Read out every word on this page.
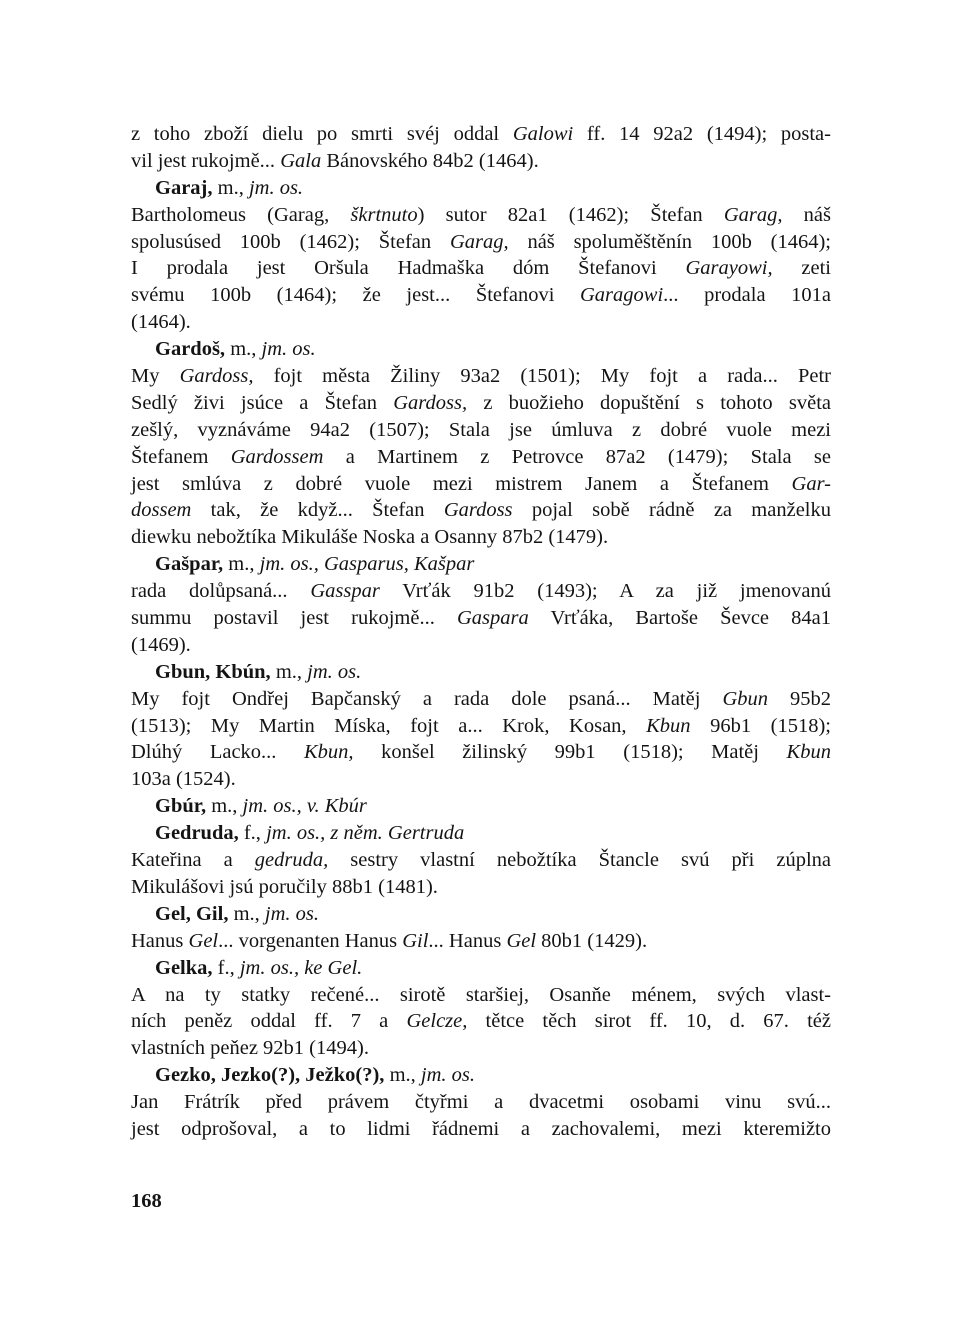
z toho zboží dielu po smrti svéj oddal Galowi ff. 14 92a2 (1494); posta-
vil jest rukojmě... Gala Bánovského 84b2 (1464).
Garaj, m., jm. os.
Bartholomeus (Garag, škrtnuto) sutor 82a1 (1462); Štefan Garag, náš
spolusúsed 100b (1462); Štefan Garag, náš spoluměštěnín 100b (1464);
I prodala jest Oršula Hadmaška dóm Štefanovi Garayowi, zeti
svému 100b (1464); že jest... Štefanovi Garagowi... prodala 101a
(1464).
Gardoš, m., jm. os.
My Gardoss, fojt města Žiliny 93a2 (1501); My fojt a rada... Petr
Sedlý živi jsúce a Štefan Gardoss, z buožieho dopuštění s tohoto světa
zešlý, vyznáváme 94a2 (1507); Stala jse úmluva z dobré vuole mezi
Štefanem Gardossem a Martinem z Petrovce 87a2 (1479); Stala se
jest smlúva z dobré vuole mezi mistrem Janem a Štefanem Gar-
dossem tak, že když... Štefan Gardoss pojal sobě rádně za manželku
diewku nebožtíka Mikuláše Noska a Osanny 87b2 (1479).
Gašpar, m., jm. os., Gasparus, Kašpar
rada dolůpsaná... Gasspar Vrťák 91b2 (1493); A za již jmenovanú
summu postavil jest rukojmě... Gaspara Vrťáka, Bartoše Ševce 84a1
(1469).
Gbun, Kbún, m., jm. os.
My fojt Ondřej Bapčanský a rada dole psaná... Matěj Gbun 95b2
(1513); My Martin Míska, fojt a... Krok, Kosan, Kbun 96b1 (1518);
Dlúhý Lacko... Kbun, konšel žilinský 99b1 (1518); Matěj Kbun
103a (1524).
Gbúr, m., jm. os., v. Kbúr
Gedruda, f., jm. os., z něm. Gertruda
Kateřina a gedruda, sestry vlastní nebožtíka Štancle svú při zúplna
Mikulášovi jsú poručily 88b1 (1481).
Gel, Gil, m., jm. os.
Hanus Gel... vorgenanten Hanus Gil... Hanus Gel 80b1 (1429).
Gelka, f., jm. os., ke Gel.
A na ty statky rečené... sirotě staršiej, Osanňe ménem, svých vlast-
ních peněz oddal ff. 7 a Gelcze, tětce těch sirot ff. 10, d. 67. též
vlastních peňez 92b1 (1494).
Gezko, Jezko(?), Ježko(?), m., jm. os.
Jan Frátrík před právem čtyřmi a dvacetmi osobami vinu svú...
jest odprošoval, a to lidmi řádnemi a zachovalemi, mezi kteremižto
168
